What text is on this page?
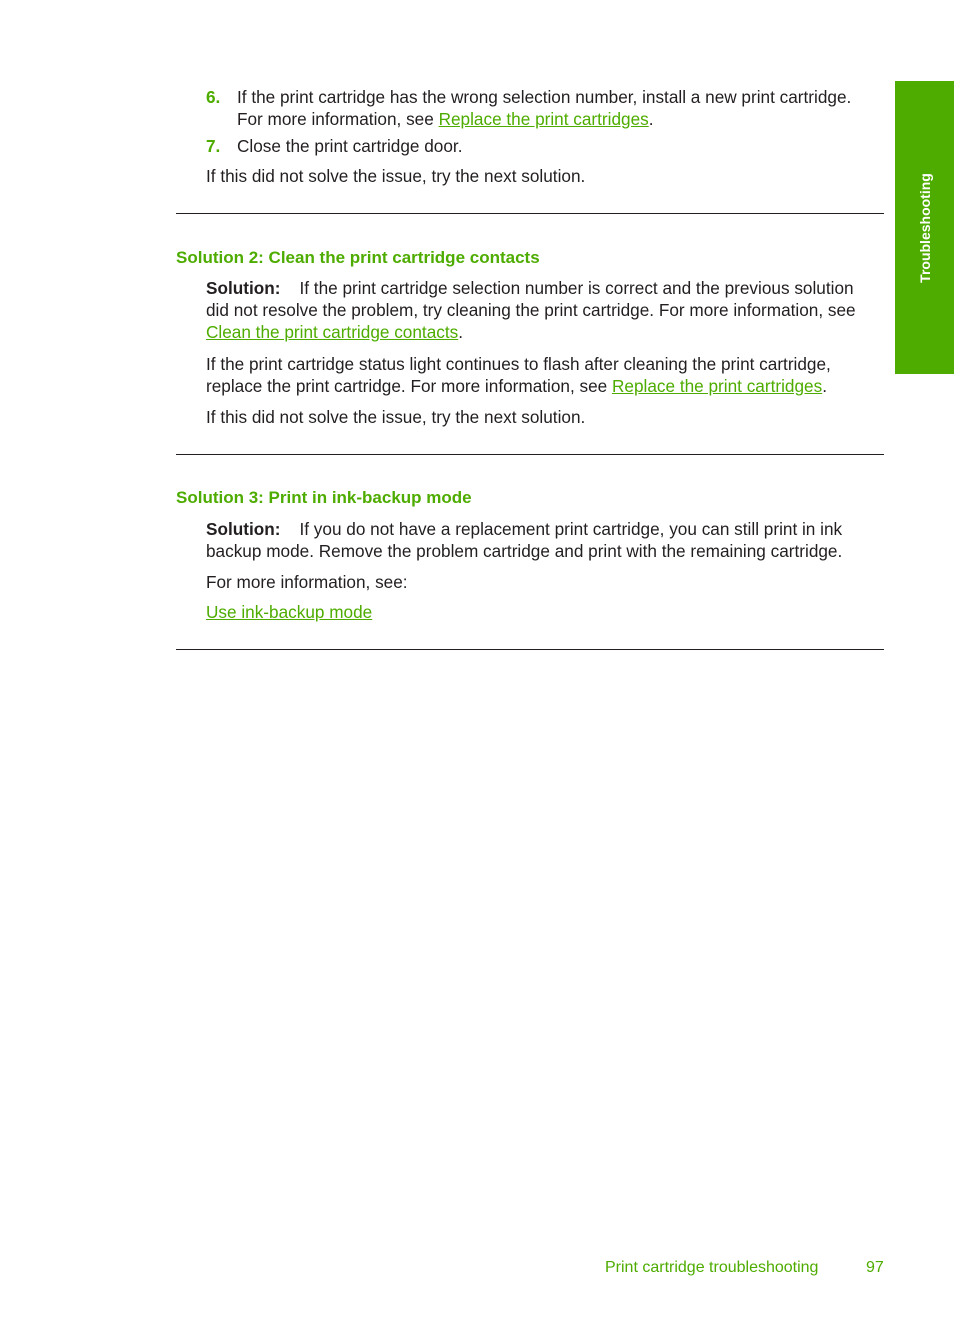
Troubleshooting
6. If the print cartridge has the wrong selection number, install a new print cartridge.
For more information, see Replace the print cartridges.
7. Close the print cartridge door.
If this did not solve the issue, try the next solution.
Solution 2: Clean the print cartridge contacts
Solution: If the print cartridge selection number is correct and the previous solution
did not resolve the problem, try cleaning the print cartridge. For more information, see
Clean the print cartridge contacts.
If the print cartridge status light continues to flash after cleaning the print cartridge,
replace the print cartridge. For more information, see Replace the print cartridges.
If this did not solve the issue, try the next solution.
Solution 3: Print in ink-backup mode
Solution: If you do not have a replacement print cartridge, you can still print in ink
backup mode. Remove the problem cartridge and print with the remaining cartridge.
For more information, see:
Use ink-backup mode
Print cartridge troubleshooting	97
